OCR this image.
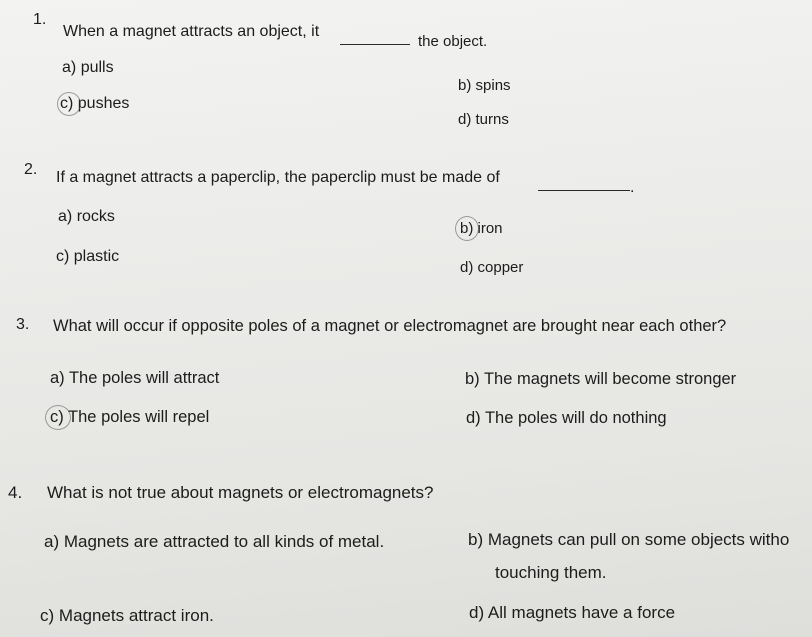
1.
When a magnet attracts an object, it
the object.
a) pulls
b) spins
c) pushes
d) turns
2. If a magnet attracts a paperclip, the paperclip must be made of
.
a) rocks
b) iron
c) plastic
d) copper
3. What will occur if opposite poles of a magnet or electromagnet are brought near each other?
a) The poles will attract	b) The magnets will become stronger
c) The poles will repel	d) The poles will do nothing
4. What is not true about magnets or electromagnets?
a) Magnets are attracted to all kinds of metal.	b) Magnets can pull on some objects witho
touching them.
c) Magnets attract iron.	d) All magnets have a force
